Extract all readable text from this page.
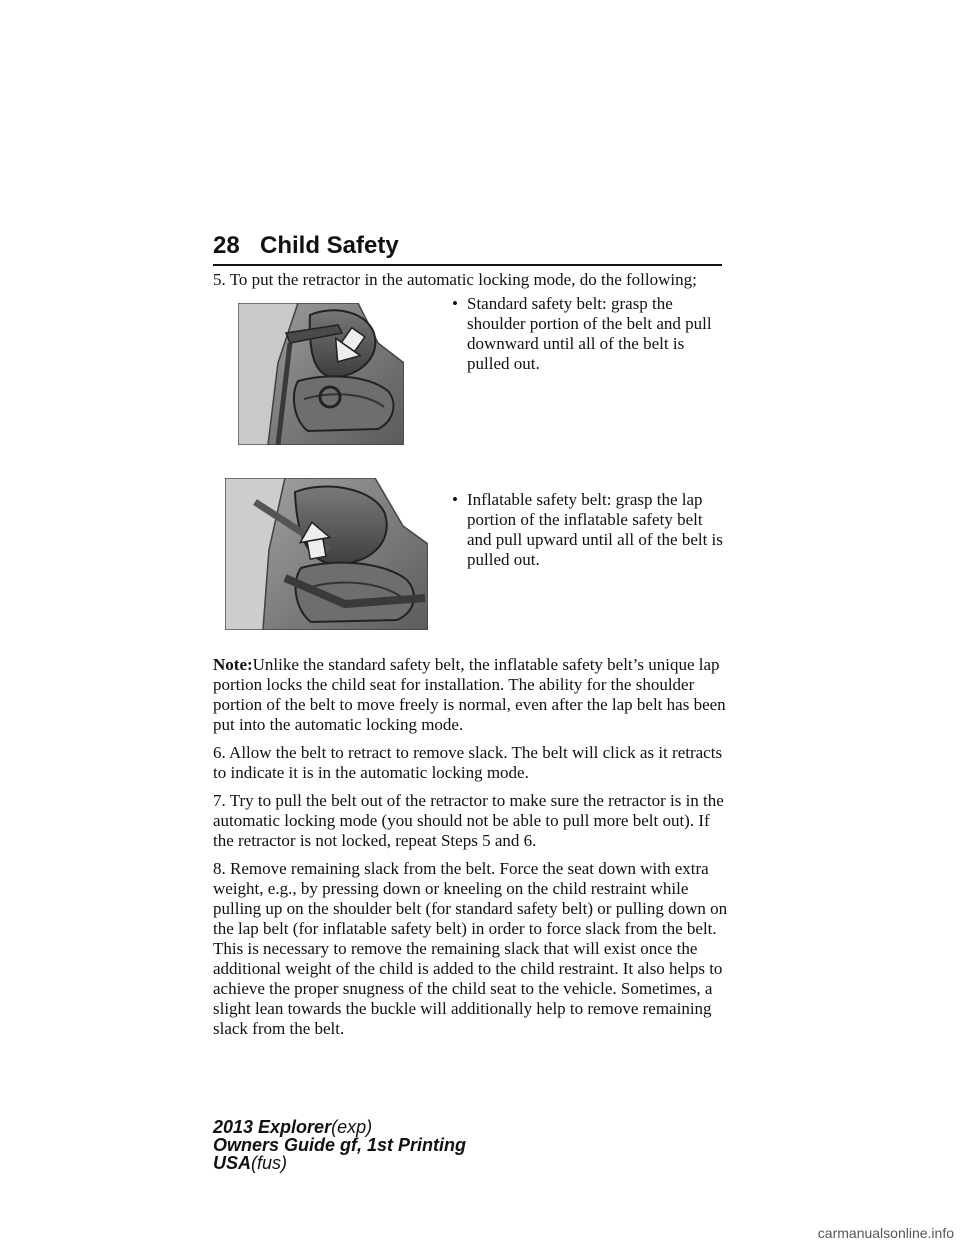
28 Child Safety
5. To put the retractor in the automatic locking mode, do the following;
• Standard safety belt: grasp the shoulder portion of the belt and pull downward until all of the belt is pulled out.
• Inflatable safety belt: grasp the lap portion of the inflatable safety belt and pull upward until all of the belt is pulled out.

Note:Unlike the standard safety belt, the inflatable safety belt’s unique lap portion locks the child seat for installation. The ability for the shoulder portion of the belt to move freely is normal, even after the lap belt has been put into the automatic locking mode.

6. Allow the belt to retract to remove slack. The belt will click as it retracts to indicate it is in the automatic locking mode.

7. Try to pull the belt out of the retractor to make sure the retractor is in the automatic locking mode (you should not be able to pull more belt out). If the retractor is not locked, repeat Steps 5 and 6.

8. Remove remaining slack from the belt. Force the seat down with extra weight, e.g., by pressing down or kneeling on the child restraint while pulling up on the shoulder belt (for standard safety belt) or pulling down on the lap belt (for inflatable safety belt) in order to force slack from the belt. This is necessary to remove the remaining slack that will exist once the additional weight of the child is added to the child restraint. It also helps to achieve the proper snugness of the child seat to the vehicle. Sometimes, a slight lean towards the buckle will additionally help to remove remaining slack from the belt.

2013 Explorer(exp)
Owners Guide gf, 1st Printing
USA(fus)
carmanualsonline.info
